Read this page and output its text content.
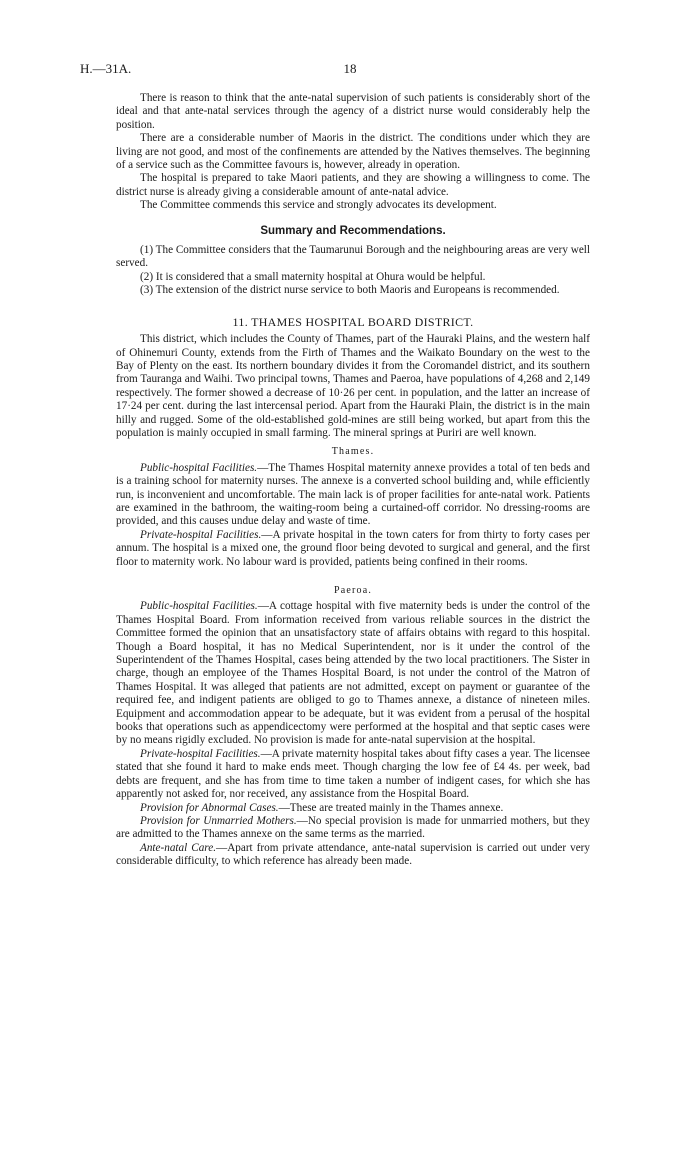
H.—31A.	18

There is reason to think that the ante-natal supervision of such patients is considerably short of the ideal and that ante-natal services through the agency of a district nurse would considerably help the position.

There are a considerable number of Maoris in the district. The conditions under which they are living are not good, and most of the confinements are attended by the Natives themselves. The beginning of a service such as the Committee favours is, however, already in operation.

The hospital is prepared to take Maori patients, and they are showing a willingness to come. The district nurse is already giving a considerable amount of ante-natal advice.

The Committee commends this service and strongly advocates its development.

Summary and Recommendations.

(1) The Committee considers that the Taumarunui Borough and the neighbouring areas are very well served.

(2) It is considered that a small maternity hospital at Ohura would be helpful.

(3) The extension of the district nurse service to both Maoris and Europeans is recommended.

11. THAMES HOSPITAL BOARD DISTRICT.

This district, which includes the County of Thames, part of the Hauraki Plains, and the western half of Ohinemuri County, extends from the Firth of Thames and the Waikato Boundary on the west to the Bay of Plenty on the east. Its northern boundary divides it from the Coromandel district, and its southern from Tauranga and Waihi. Two principal towns, Thames and Paeroa, have populations of 4,268 and 2,149 respectively. The former showed a decrease of 10·26 per cent. in population, and the latter an increase of 17·24 per cent. during the last intercensal period. Apart from the Hauraki Plain, the district is in the main hilly and rugged. Some of the old-established gold-mines are still being worked, but apart from this the population is mainly occupied in small farming. The mineral springs at Puriri are well known.

Thames.

Public-hospital Facilities.—The Thames Hospital maternity annexe provides a total of ten beds and is a training school for maternity nurses. The annexe is a converted school building and, while efficiently run, is inconvenient and uncomfortable. The main lack is of proper facilities for ante-natal work. Patients are examined in the bathroom, the waiting-room being a curtained-off corridor. No dressing-rooms are provided, and this causes undue delay and waste of time.

Private-hospital Facilities.—A private hospital in the town caters for from thirty to forty cases per annum. The hospital is a mixed one, the ground floor being devoted to surgical and general, and the first floor to maternity work. No labour ward is provided, patients being confined in their rooms.

Paeroa.

Public-hospital Facilities.—A cottage hospital with five maternity beds is under the control of the Thames Hospital Board. From information received from various reliable sources in the district the Committee formed the opinion that an unsatisfactory state of affairs obtains with regard to this hospital. Though a Board hospital, it has no Medical Superintendent, nor is it under the control of the Superintendent of the Thames Hospital, cases being attended by the two local practitioners. The Sister in charge, though an employee of the Thames Hospital Board, is not under the control of the Matron of Thames Hospital. It was alleged that patients are not admitted, except on payment or guarantee of the required fee, and indigent patients are obliged to go to Thames annexe, a distance of nineteen miles. Equipment and accommodation appear to be adequate, but it was evident from a perusal of the hospital books that operations such as appendicectomy were performed at the hospital and that septic cases were by no means rigidly excluded. No provision is made for ante-natal supervision at the hospital.

Private-hospital Facilities.—A private maternity hospital takes about fifty cases a year. The licensee stated that she found it hard to make ends meet. Though charging the low fee of £4 4s. per week, bad debts are frequent, and she has from time to time taken a number of indigent cases, for which she has apparently not asked for, nor received, any assistance from the Hospital Board.

Provision for Abnormal Cases.—These are treated mainly in the Thames annexe.

Provision for Unmarried Mothers.—No special provision is made for unmarried mothers, but they are admitted to the Thames annexe on the same terms as the married.

Ante-natal Care.—Apart from private attendance, ante-natal supervision is carried out under very considerable difficulty, to which reference has already been made.
